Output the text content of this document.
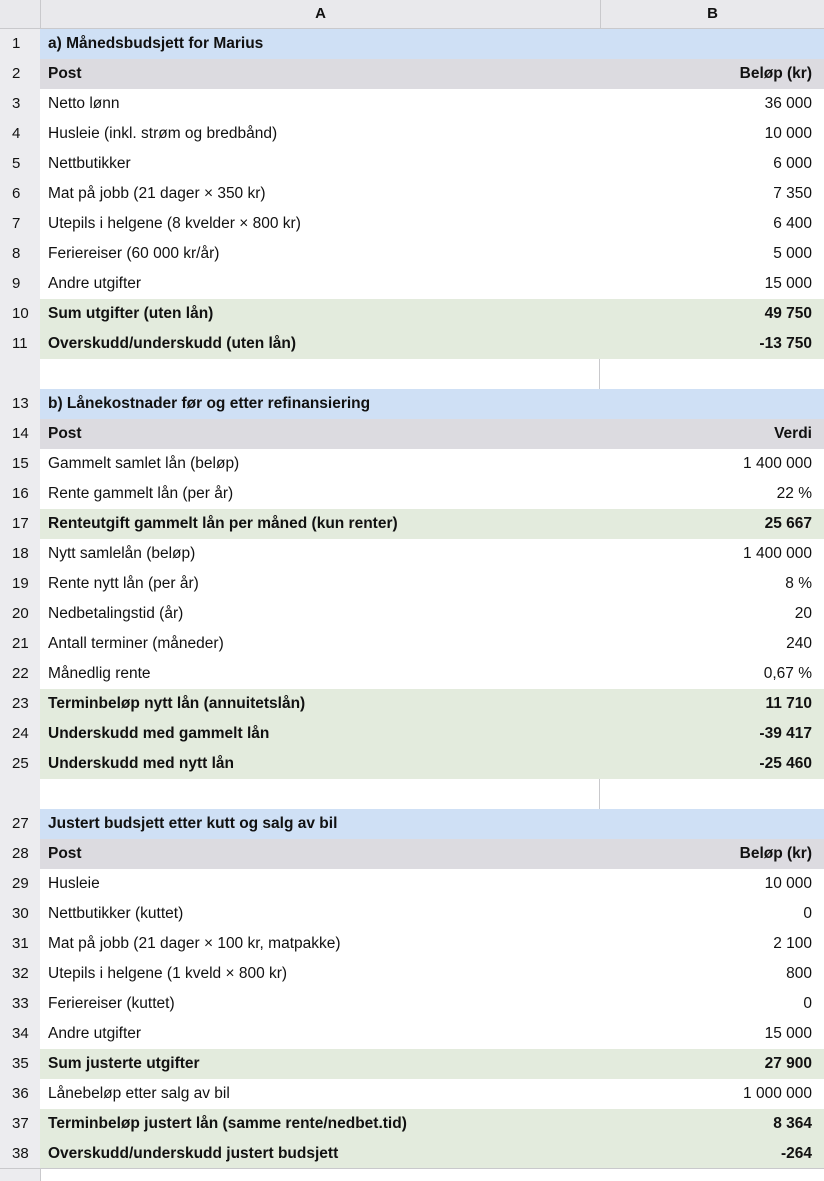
A	B
1	a) Månedsbudsjett for Marius
2	Post	Beløp (kr)
3	Netto lønn	36 000
4	Husleie (inkl. strøm og bredbånd)	10 000
5	Nettbutikker	6 000
6	Mat på jobb (21 dager × 350 kr)	7 350
7	Utepils i helgene (8 kvelder × 800 kr)	6 400
8	Feriereiser (60 000 kr/år)	5 000
9	Andre utgifter	15 000
10	Sum utgifter (uten lån)	49 750
11	Overskudd/underskudd (uten lån)	-13 750
13	b) Lånekostnader før og etter refinansiering
14	Post	Verdi
15	Gammelt samlet lån (beløp)	1 400 000
16	Rente gammelt lån (per år)	22 %
17	Renteutgift gammelt lån per måned (kun renter)	25 667
18	Nytt samlelån (beløp)	1 400 000
19	Rente nytt lån (per år)	8 %
20	Nedbetalingstid (år)	20
21	Antall terminer (måneder)	240
22	Månedlig rente	0,67 %
23	Terminbeløp nytt lån (annuitetslån)	11 710
24	Underskudd med gammelt lån	-39 417
25	Underskudd med nytt lån	-25 460
27	Justert budsjett etter kutt og salg av bil
28	Post	Beløp (kr)
29	Husleie	10 000
30	Nettbutikker (kuttet)	0
31	Mat på jobb (21 dager × 100 kr, matpakke)	2 100
32	Utepils i helgene (1 kveld × 800 kr)	800
33	Feriereiser (kuttet)	0
34	Andre utgifter	15 000
35	Sum justerte utgifter	27 900
36	Lånebeløp etter salg av bil	1 000 000
37	Terminbeløp justert lån (samme rente/nedbet.tid)	8 364
38	Overskudd/underskudd justert budsjett	-264
